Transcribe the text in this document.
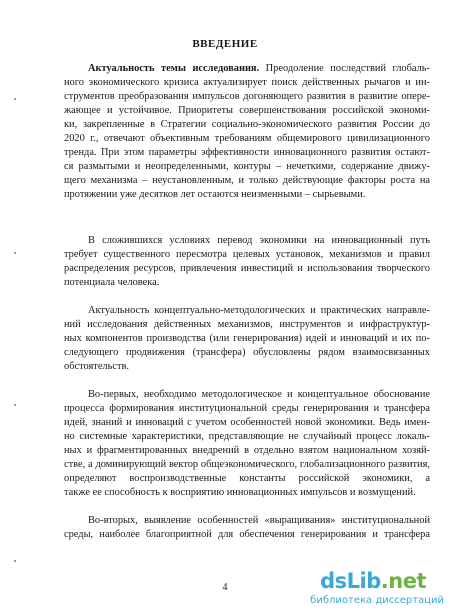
ВВЕДЕНИЕ
Актуальность темы исследования. Преодоление последствий глобаль-
ного экономического кризиса актуализирует поиск действенных рычагов и ин-
струментов преобразования импульсов догоняющего развития в развитие опере-
жающее и устойчивое. Приоритеты совершенствования российской экономи-
ки, закрепленные в Стратегии социально-экономического развития России до
2020 г., отвечают объективным требованиям общемирового цивилизационного
тренда. При этом параметры эффективности инновационного развития остают-
ся размытыми и неопределенными, контуры – нечеткими, содержание движу-
щего механизма – неустановленным, и только действующие факторы роста на
протяжении уже десятков лет остаются неизменными – сырьевыми.
В сложившихся условиях перевод экономики на инновационный путь
требует существенного пересмотра целевых установок, механизмов и правил
распределения ресурсов, привлечения инвестиций и использования творческого
потенциала человека.
Актуальность концептуально-методологических и практических направле-
ний исследования действенных механизмов, инструментов и инфраструктур-
ных компонентов производства (или генерирования) идей и инноваций и их по-
следующего продвижения (трансфера) обусловлены рядом взаимосвязанных
обстоятельств.
Во-первых, необходимо методологическое и концептуальное обоснование
процесса формирования институциональной среды генерирования и трансфера
идей, знаний и инноваций с учетом особенностей новой экономики. Ведь имен-
но системные характеристики, представляющие не случайный процесс локаль-
ных и фрагментированных внедрений в отдельно взятом национальном хозяй-
стве, а доминирующий вектор общеэкономического, глобализационного развития,
определяют воспроизводственные константы российской экономики, а
также ее способность к восприятию инновационных импульсов и возмущений.
Во-вторых, выявление особенностей «выращивания» институциональной
среды, наиболее благоприятной для обеспечения генерирования и трансфера
4	dsLib.net
библиотека диссертаций
